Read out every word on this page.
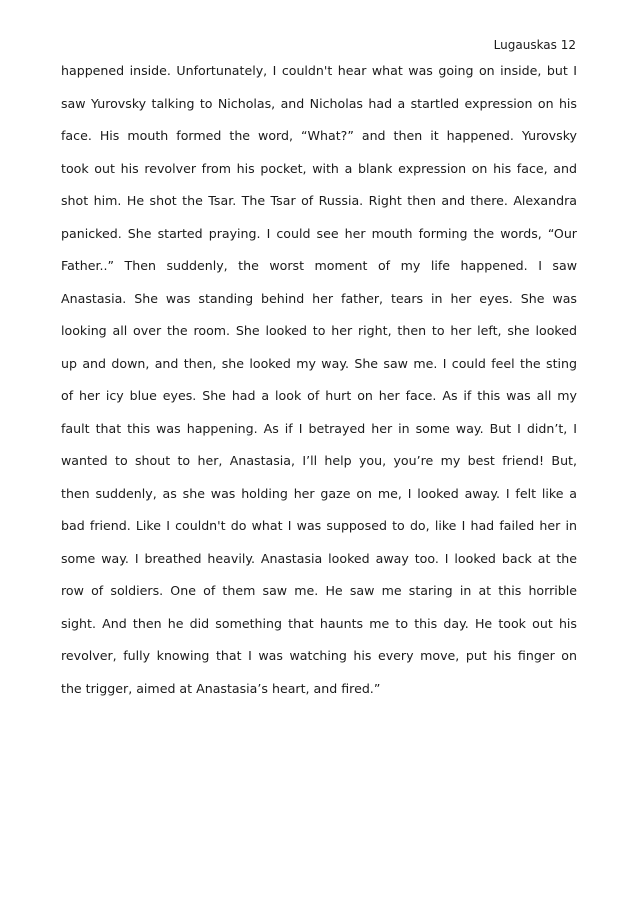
Lugauskas 12
happened inside. Unfortunately, I couldn't hear what was going on inside, but I
saw Yurovsky talking to Nicholas, and Nicholas had a startled expression on his
face. His mouth formed the word, “What?” and then it happened. Yurovsky
took out his revolver from his pocket, with a blank expression on his face, and
shot him. He shot the Tsar. The Tsar of Russia. Right then and there. Alexandra
panicked. She started praying. I could see her mouth forming the words, “Our
Father..” Then suddenly, the worst moment of my life happened. I saw
Anastasia. She was standing behind her father, tears in her eyes. She was
looking all over the room. She looked to her right, then to her left, she looked
up and down, and then, she looked my way. She saw me. I could feel the sting
of her icy blue eyes. She had a look of hurt on her face. As if this was all my
fault that this was happening. As if I betrayed her in some way. But I didn’t, I
wanted to shout to her, Anastasia, I’ll help you, you’re my best friend! But,
then suddenly, as she was holding her gaze on me, I looked away. I felt like a
bad friend. Like I couldn't do what I was supposed to do, like I had failed her in
some way. I breathed heavily. Anastasia looked away too. I looked back at the
row of soldiers. One of them saw me. He saw me staring in at this horrible
sight. And then he did something that haunts me to this day. He took out his
revolver, fully knowing that I was watching his every move, put his finger on
the trigger, aimed at Anastasia’s heart, and fired.”
